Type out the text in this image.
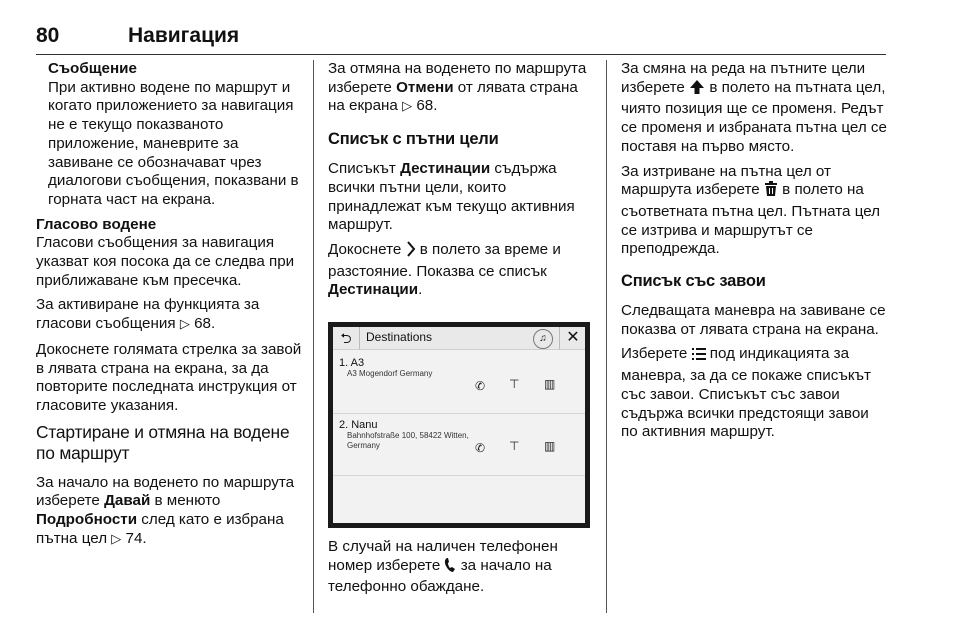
80	Навигация
Съобщение

При активно водене по маршрут и когато приложението за навигация не е текущо показваното приложение, маневрите за завиване се обозначават чрез диалогови съобщения, показвани в горната част на екрана.

Гласово водене

Гласови съобщения за навигация указват коя посока да се следва при приближаване към пресечка.

За активиране на функцията за гласови съобщения ⁠▷ 68.

Докоснете голямата стрелка за завой в лявата страна на екрана, за да повторите последната инструкция от гласовите указания.

Стартиране и отмяна на водене по маршрут

За начало на воденето по маршрута изберете Давай в менюто Подробности след като е избрана пътна цел ▷ 74.

За отмяна на воденето по маршрута изберете Отмени от лявата страна на екрана ▷ 68.

Списък с пътни цели

Списъкът Дестинации съдържа всички пътни цели, които принадлежат към текущо активния маршрут.

Докоснете  в полето за време и разстояние. Показва се списък Дестинации.

⮌	Destinations	♫	✕
1. A3
A3 Mogendorf Germany
✆ ⊤ ▥
2. Nanu
Bahnhofstraße 100, 58422 Witten,
Germany	✆ ⊤ ▥

В случай на наличен телефонен номер изберете  за начало на телефонно обаждане.

За смяна на реда на пътните цели изберете  в полето на пътната цел, чиято позиция ще се променя. Редът се променя и избраната пътна цел се поставя на първо място.

За изтриване на пътна цел от маршрута изберете  в полето на съответната пътна цел. Пътната цел се изтрива и маршрутът се преподрежда.

Списък със завои

Следващата маневра на завиване се показва от лявата страна на екрана.

Изберете  под индикацията за маневра, за да се покаже списъкът със завои. Списъкът със завои съдържа всички предстоящи завои по активния маршрут.
